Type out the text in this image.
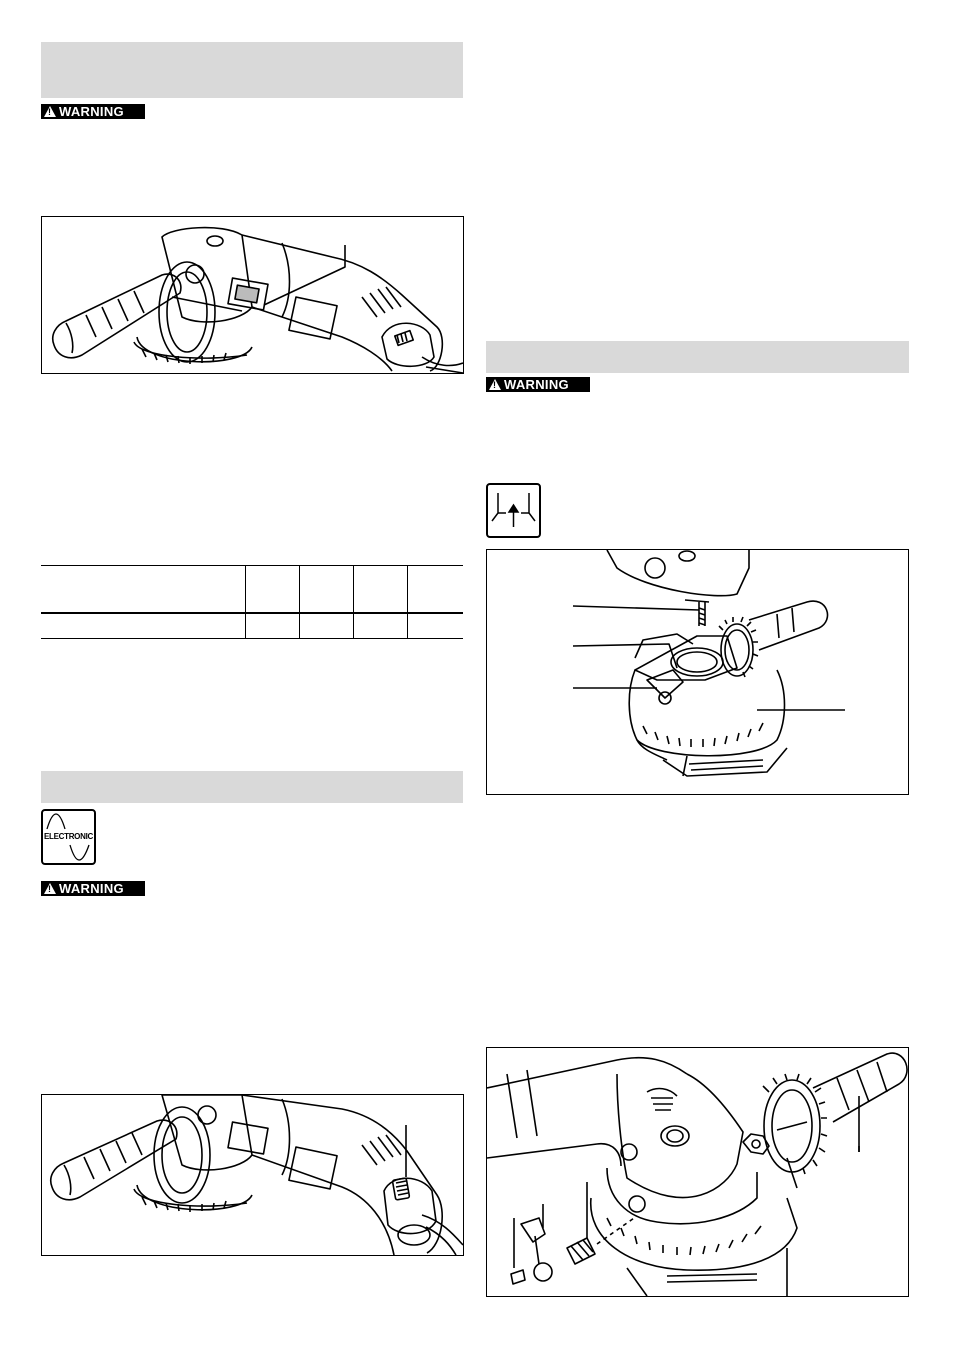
!
WARNING

ELECTRONIC
!
WARNING
!
WARNING
